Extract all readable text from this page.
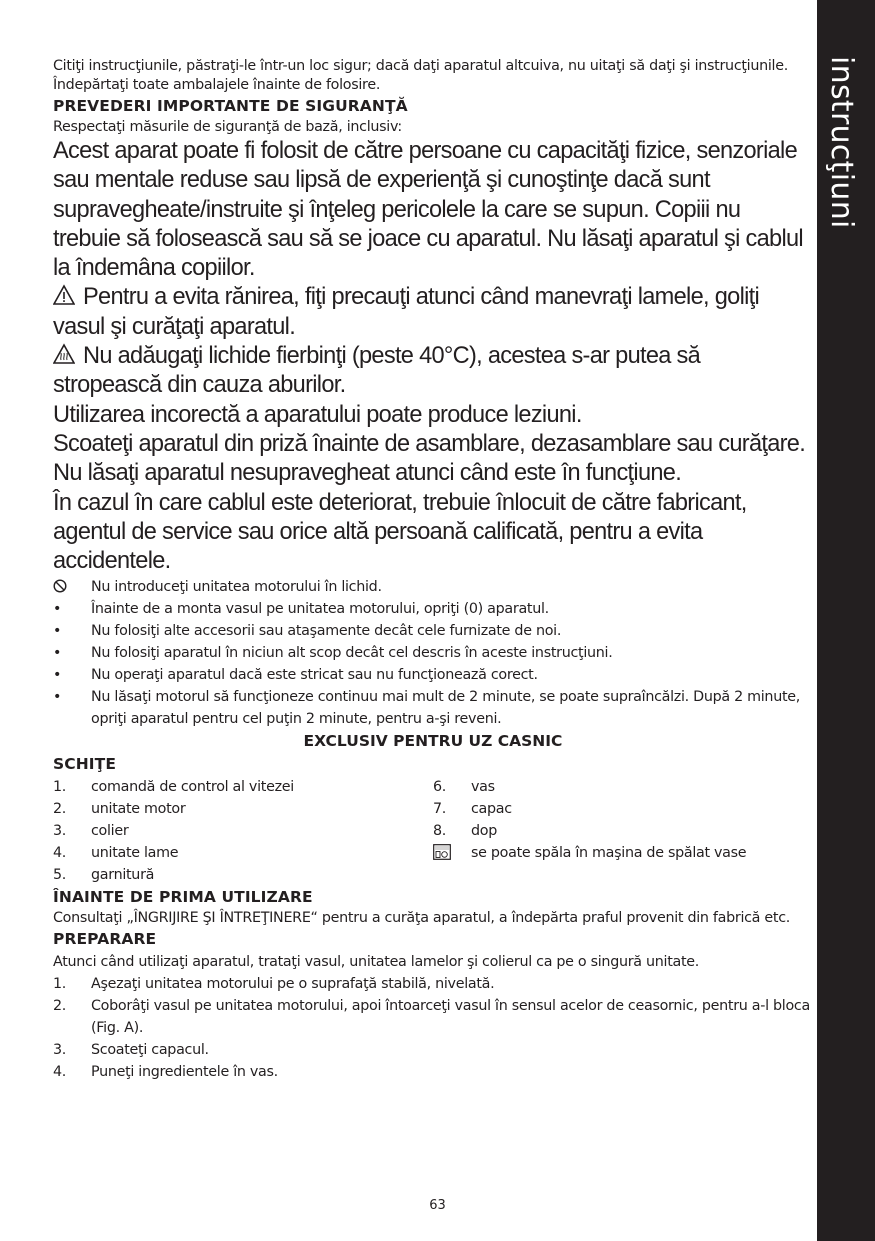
instrucţiuni

Citiţi instrucţiunile, păstraţi-le într-un loc sigur; dacă daţi aparatul altcuiva, nu uitaţi să daţi şi instrucţiunile. Îndepărtaţi toate ambalajele înainte de folosire.

PREVEDERI IMPORTANTE DE SIGURANŢĂ

Respectaţi măsurile de siguranţă de bază, inclusiv:

Acest aparat poate fi folosit de către persoane cu capacităţi fizice, senzoriale sau mentale reduse sau lipsă de experienţă şi cunoştinţe dacă sunt supravegheate/instruite şi înţeleg pericolele la care se supun. Copiii nu trebuie să folosească sau să se joace cu aparatul. Nu lăsaţi aparatul şi cablul la îndemâna copiilor.

Pentru a evita rănirea, fiţi precauţi atunci când manevraţi lamele, goliţi vasul şi curăţaţi aparatul.

Nu adăugaţi lichide fierbinţi (peste 40°C), acestea s-ar putea să stropească din cauza aburilor.

Utilizarea incorectă a aparatului poate produce leziuni.

Scoateţi aparatul din priză înainte de asamblare, dezasamblare sau curăţare.

Nu lăsaţi aparatul nesupravegheat atunci când este în funcţiune.

În cazul în care cablul este deteriorat, trebuie înlocuit de către fabricant, agentul de service sau orice altă persoană calificată, pentru a evita accidentele.

Nu introduceţi unitatea motorului în lichid.
•	Înainte de a monta vasul pe unitatea motorului, opriţi (0) aparatul.
•	Nu folosiţi alte accesorii sau ataşamente decât cele furnizate de noi.
•	Nu folosiţi aparatul în niciun alt scop decât cel descris în aceste instrucţiuni.
•	Nu operaţi aparatul dacă este stricat sau nu funcţionează corect.
•	Nu lăsaţi motorul să funcţioneze continuu mai mult de 2 minute, se poate supraîncălzi. După 2 minute, opriţi aparatul pentru cel puţin 2 minute, pentru a-şi reveni.

EXCLUSIV PENTRU UZ CASNIC

SCHIŢE

1.	comandă de control al vitezei
2.	unitate motor
3.	colier
4.	unitate lame
5.	garnitură
6.	vas
7.	capac
8.	dop
se poate spăla în maşina de spălat vase

ÎNAINTE DE PRIMA UTILIZARE

Consultaţi „ÎNGRIJIRE ŞI ÎNTREŢINERE“ pentru a curăţa aparatul, a îndepărta praful provenit din fabrică etc.

PREPARARE

Atunci când utilizaţi aparatul, trataţi vasul, unitatea lamelor şi colierul ca pe o singură unitate.

1.	Aşezaţi unitatea motorului pe o suprafaţă stabilă, nivelată.
2.	Coborâţi vasul pe unitatea motorului, apoi întoarceţi vasul în sensul acelor de ceasornic, pentru a-l bloca (Fig. A).
3.	Scoateţi capacul.
4.	Puneţi ingredientele în vas.
63
